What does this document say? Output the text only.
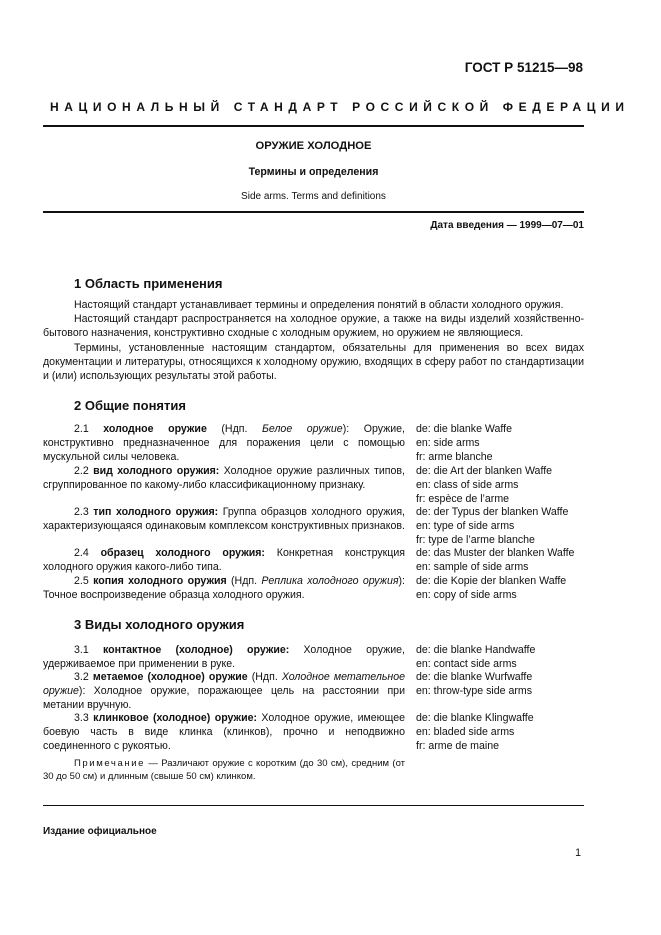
ГОСТ Р 51215—98
НАЦИОНАЛЬНЫЙ СТАНДАРТ РОССИЙСКОЙ ФЕДЕРАЦИИ
ОРУЖИЕ ХОЛОДНОЕ
Термины и определения
Side arms. Terms and definitions
Дата введения — 1999—07—01
1 Область применения

Настоящий стандарт устанавливает термины и определения понятий в области холодного оружия.

Настоящий стандарт распространяется на холодное оружие, а также на виды изделий хозяйственно-бытового назначения, конструктивно сходные с холодным оружием, но оружием не являющиеся.

Термины, установленные настоящим стандартом, обязательны для применения во всех видах документации и литературы, относящихся к холодному оружию, входящих в сферу работ по стандартизации и (или) использующих результаты этой работы.

2 Общие понятия

2.1 холодное оружие (Ндп. Белое оружие): Оружие, конструктивно предназначенное для поражения цели с помощью мускульной силы человека.

de: die blanke Waffe
en: side arms
fr: arme blanche

2.2 вид холодного оружия: Холодное оружие различных типов, сгруппированное по какому-либо классификационному признаку.

de: die Art der blanken Waffe
en: class of side arms
fr: espèce de l’arme

2.3 тип холодного оружия: Группа образцов холодного оружия, характеризующаяся одинаковым комплексом конструктивных признаков.

de: der Typus der blanken Waffe
en: type of side arms
fr: type de l’arme blanche

2.4 образец холодного оружия: Конкретная конструкция холодного оружия какого-либо типа.

de: das Muster der blanken Waffe
en: sample of side arms

2.5 копия холодного оружия (Ндп. Реплика холодного оружия): Точное воспроизведение образца холодного оружия.

de: die Kopie der blanken Waffe
en: copy of side arms
3 Виды холодного оружия

3.1 контактное (холодное) оружие: Холодное оружие, удерживаемое при применении в руке.

de: die blanke Handwaffe
en: contact side arms

3.2 метаемое (холодное) оружие (Ндп. Холодное метательное оружие): Холодное оружие, поражающее цель на расстоянии при метании вручную.

de: die blanke Wurfwaffe
en: throw-type side arms

3.3 клинковое (холодное) оружие: Холодное оружие, имеющее боевую часть в виде клинка (клинков), прочно и неподвижно соединенного с рукоятью.

de: die blanke Klingwaffe
en: bladed side arms
fr: arme de maine

Примечание — Различают оружие с коротким (до 30 см), средним (от 30 до 50 см) и длинным (свыше 50 см) клинком.

Издание официальное
1
